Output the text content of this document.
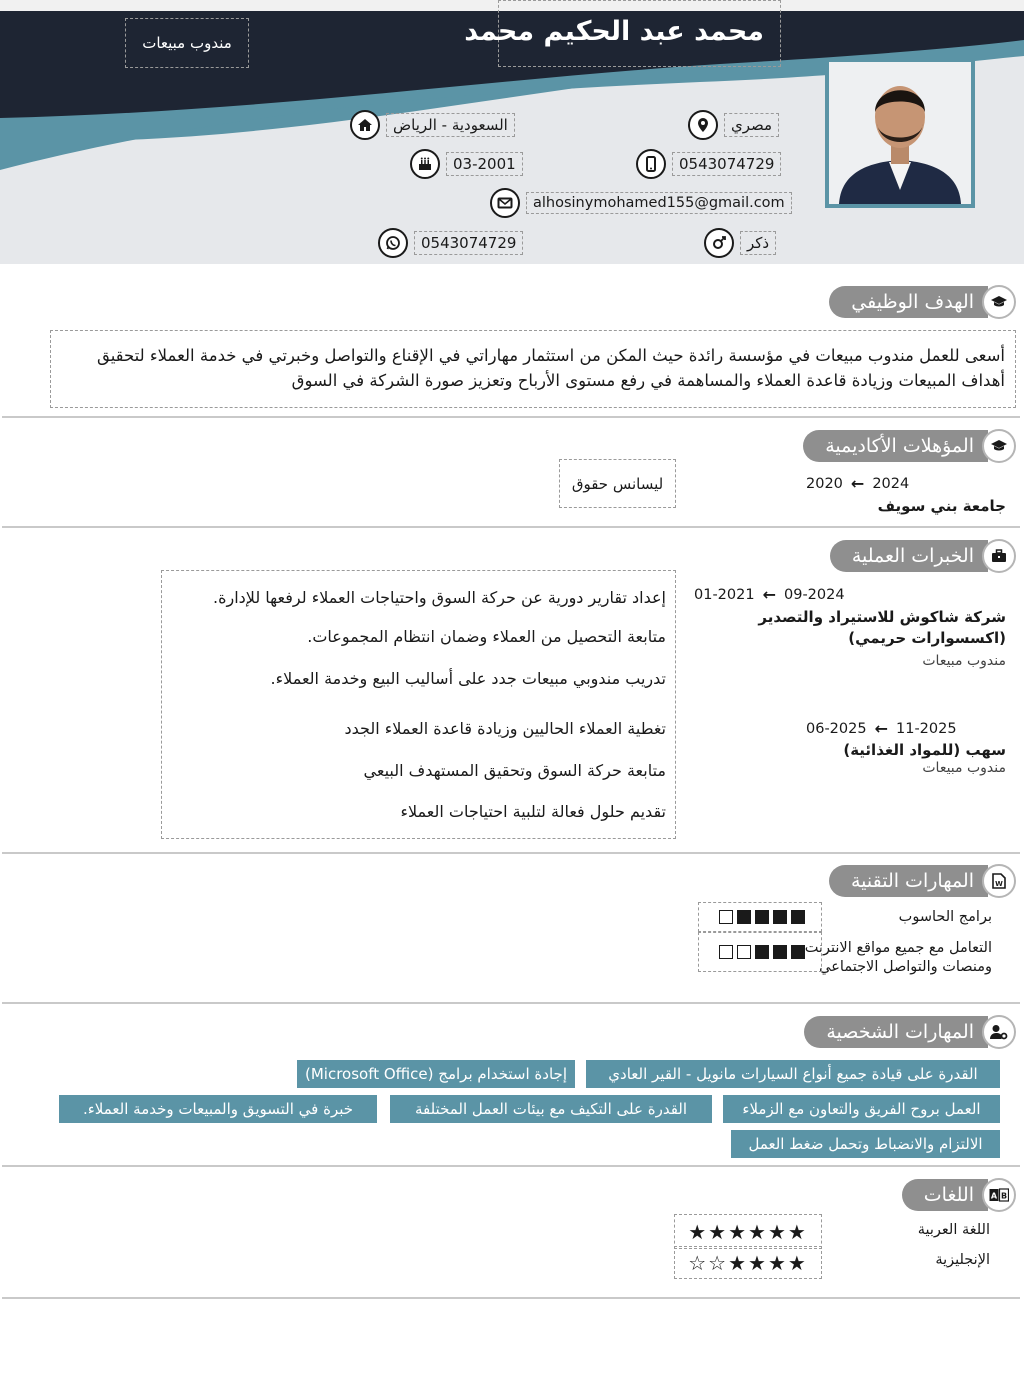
محمد عبد الحكيم محمد
مندوب مبيعات
مصري
السعودية - الرياض
0543074729
03-2001
alhosinymohamed155@gmail.com
ذكر
0543074729
الهدف الوظيفي
أسعى للعمل مندوب مبيعات في مؤسسة رائدة حيث المكن من استثمار مهاراتي في الإقناع والتواصل وخبرتي في خدمة العملاء لتحقيق أهداف المبيعات وزيادة قاعدة العملاء والمساهمة في رفع مستوى الأرباح وتعزيز صورة الشركة في السوق
المؤهلات الأكاديمية
2020 ← 2024
جامعة بني سويف
ليسانس حقوق
الخبرات العملية
01-2021 ← 09-2024
شركة شاكوش للاستيراد والتصدير (اكسسوارات حريمي)
مندوب مبيعات
06-2025 ← 11-2025
سهب (للمواد الغذائية)
مندوب مبيعات
إعداد تقارير دورية عن حركة السوق واحتياجات العملاء لرفعها للإدارة.
متابعة التحصيل من العملاء وضمان انتظام المجموعات.
تدريب مندوبي مبيعات جدد على أساليب البيع وخدمة العملاء.
تغطية العملاء الحاليين وزيادة قاعدة العملاء الجدد
متابعة حركة السوق وتحقيق المستهدف البيعي
تقديم حلول فعالة لتلبية احتياجات العملاء
W
المهارات التقنية
برامج الحاسوب
التعامل مع جميع مواقع الانترنت ومنصات والتواصل الاجتماعي
المهارات الشخصية
القدرة على قيادة جميع أنواع السيارات مانويل - القير العادي
إجادة استخدام برامج (Microsoft Office)
العمل بروح الفريق والتعاون مع الزملاء
القدرة على التكيف مع بيئات العمل المختلفة
خبرة في التسويق والمبيعات وخدمة العملاء.
الالتزام والانضباط وتحمل ضغط العمل
A B
اللغات
اللغة العربية
★★★★★★
الإنجليزية
★★★★
☆☆
